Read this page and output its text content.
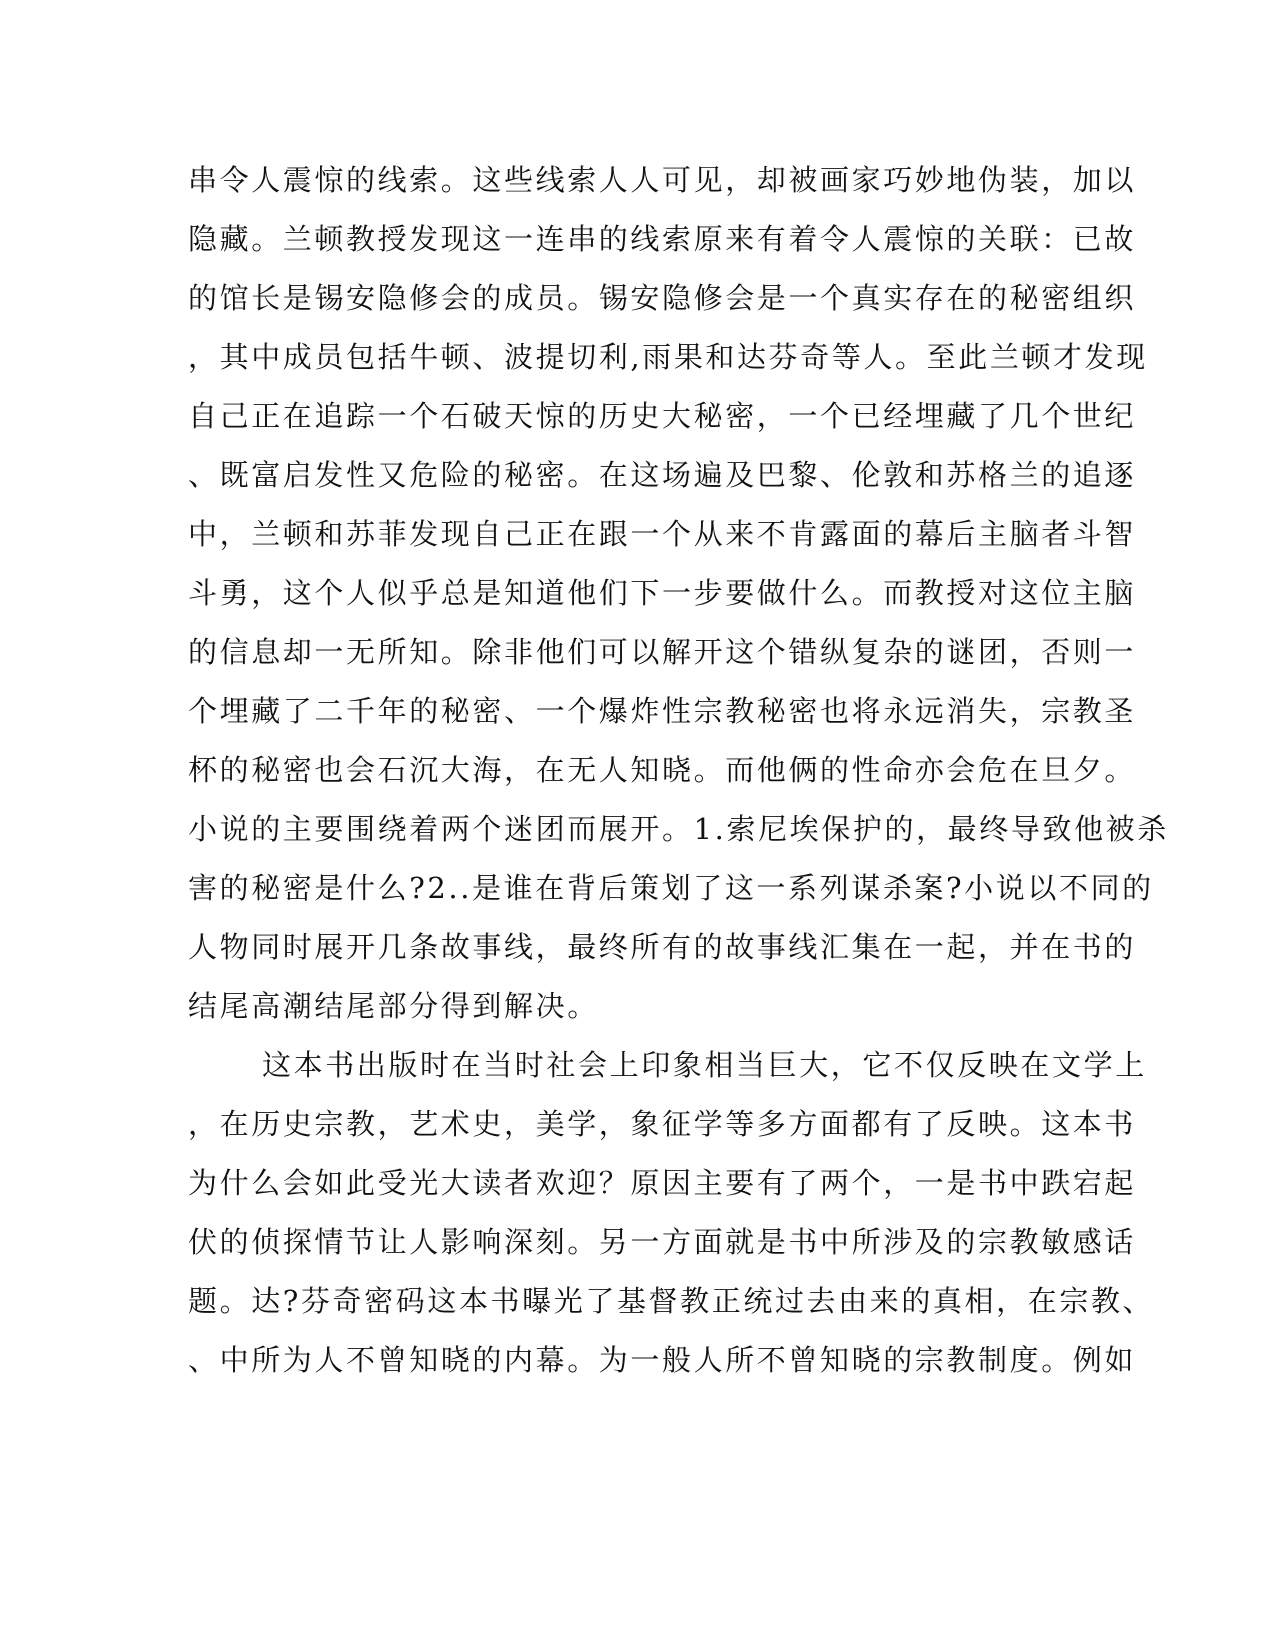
串令人震惊的线索。这些线索人人可见，却被画家巧妙地伪装，加以
隐藏。兰顿教授发现这一连串的线索原来有着令人震惊的关联：已故
的馆长是锡安隐修会的成员。锡安隐修会是一个真实存在的秘密组织
，其中成员包括牛顿、波提切利,雨果和达芬奇等人。至此兰顿才发现
自己正在追踪一个石破天惊的历史大秘密，一个已经埋藏了几个世纪
、既富启发性又危险的秘密。在这场遍及巴黎、伦敦和苏格兰的追逐
中，兰顿和苏菲发现自己正在跟一个从来不肯露面的幕后主脑者斗智
斗勇，这个人似乎总是知道他们下一步要做什么。而教授对这位主脑
的信息却一无所知。除非他们可以解开这个错纵复杂的谜团，否则一
个埋藏了二千年的秘密、一个爆炸性宗教秘密也将永远消失，宗教圣
杯的秘密也会石沉大海，在无人知晓。而他俩的性命亦会危在旦夕。
小说的主要围绕着两个迷团而展开。1.索尼埃保护的，最终导致他被杀
害的秘密是什么?2..是谁在背后策划了这一系列谋杀案?小说以不同的
人物同时展开几条故事线，最终所有的故事线汇集在一起，并在书的
结尾高潮结尾部分得到解决。
这本书出版时在当时社会上印象相当巨大，它不仅反映在文学上
，在历史宗教，艺术史，美学，象征学等多方面都有了反映。这本书
为什么会如此受光大读者欢迎？原因主要有了两个，一是书中跌宕起
伏的侦探情节让人影响深刻。另一方面就是书中所涉及的宗教敏感话
题。达?芬奇密码这本书曝光了基督教正统过去由来的真相，在宗教、
、中所为人不曾知晓的内幕。为一般人所不曾知晓的宗教制度。例如
